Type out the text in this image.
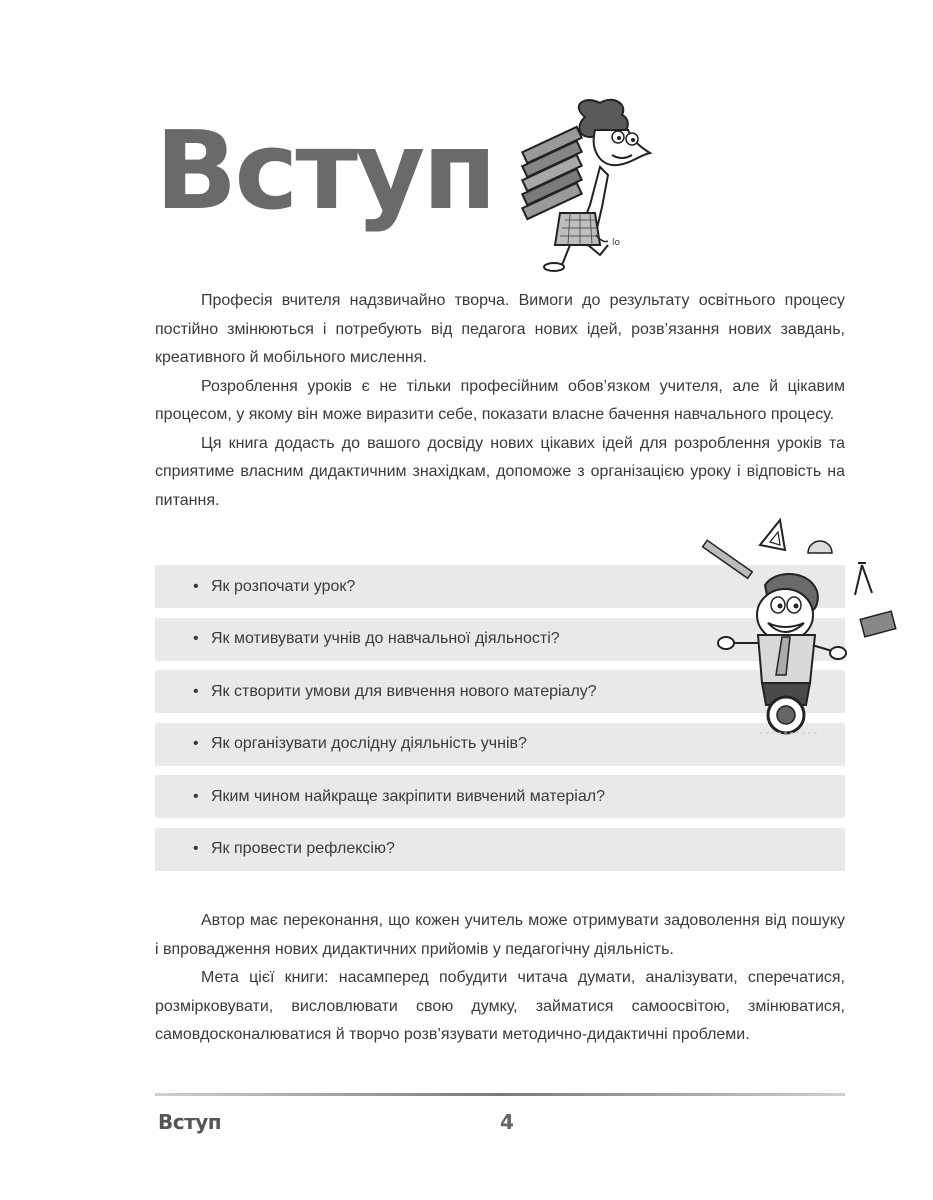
Вступ
lo

Професія вчителя надзвичайно творча. Вимоги до результату освітнього процесу постійно змінюються і потребують від педагога нових ідей, розв’язання нових завдань, креативного й мобільного мислення.

Розроблення уроків є не тільки професійним обов’язком учителя, але й цікавим процесом, у якому він може виразити себе, показати власне бачення навчального процесу.

Ця книга додасть до вашого досвіду нових цікавих ідей для розроблення уроків та сприятиме власним дидактичним знахідкам, допоможе з організацією уроку і відповість на питання.

• Як розпочати урок?
• Як мотивувати учнів до навчальної діяльності?
• Як створити умови для вивчення нового матеріалу?
• Як організувати дослідну діяльність учнів?
• Яким чином найкраще закріпити вивчений матеріал?
• Як провести рефлексію?

Автор має переконання, що кожен учитель може отримувати задоволення від пошуку і впровадження нових дидактичних прийомів у педагогічну діяльність.

Мета цієї книги: насамперед побудити читача думати, аналізувати, сперечатися, розмірковувати, висловлювати свою думку, займатися самоосвітою, змінюватися, самовдосконалюватися й творчо розв’язувати методично-дидактичні проблеми.

Вступ	4
